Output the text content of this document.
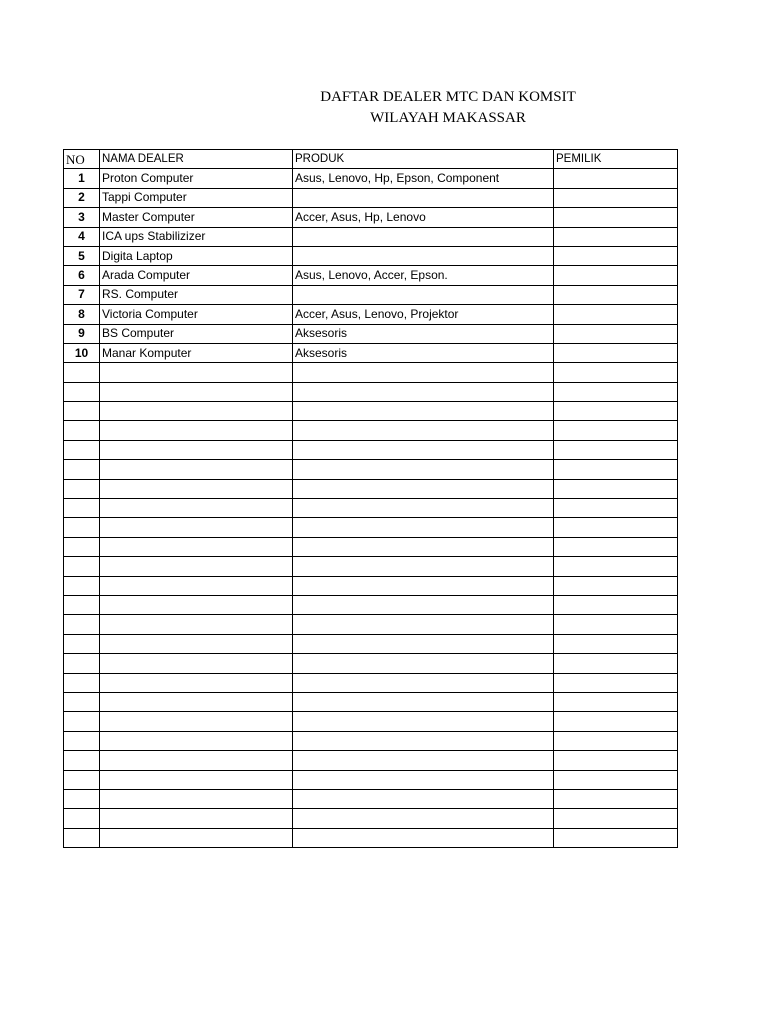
DAFTAR DEALER MTC DAN KOMSIT
WILAYAH MAKASSAR
NO	NAMA DEALER	PRODUK	PEMILIK
1	Proton Computer	Asus, Lenovo, Hp, Epson, Component	
2	Tappi Computer		
3	Master Computer	Accer, Asus, Hp, Lenovo	
4	ICA ups Stabilizizer		
5	Digita Laptop		
6	Arada Computer	Asus, Lenovo, Accer, Epson.	
7	RS. Computer		
8	Victoria Computer	Accer, Asus, Lenovo, Projektor	
9	BS Computer	Aksesoris	
10	Manar Komputer	Aksesoris	
